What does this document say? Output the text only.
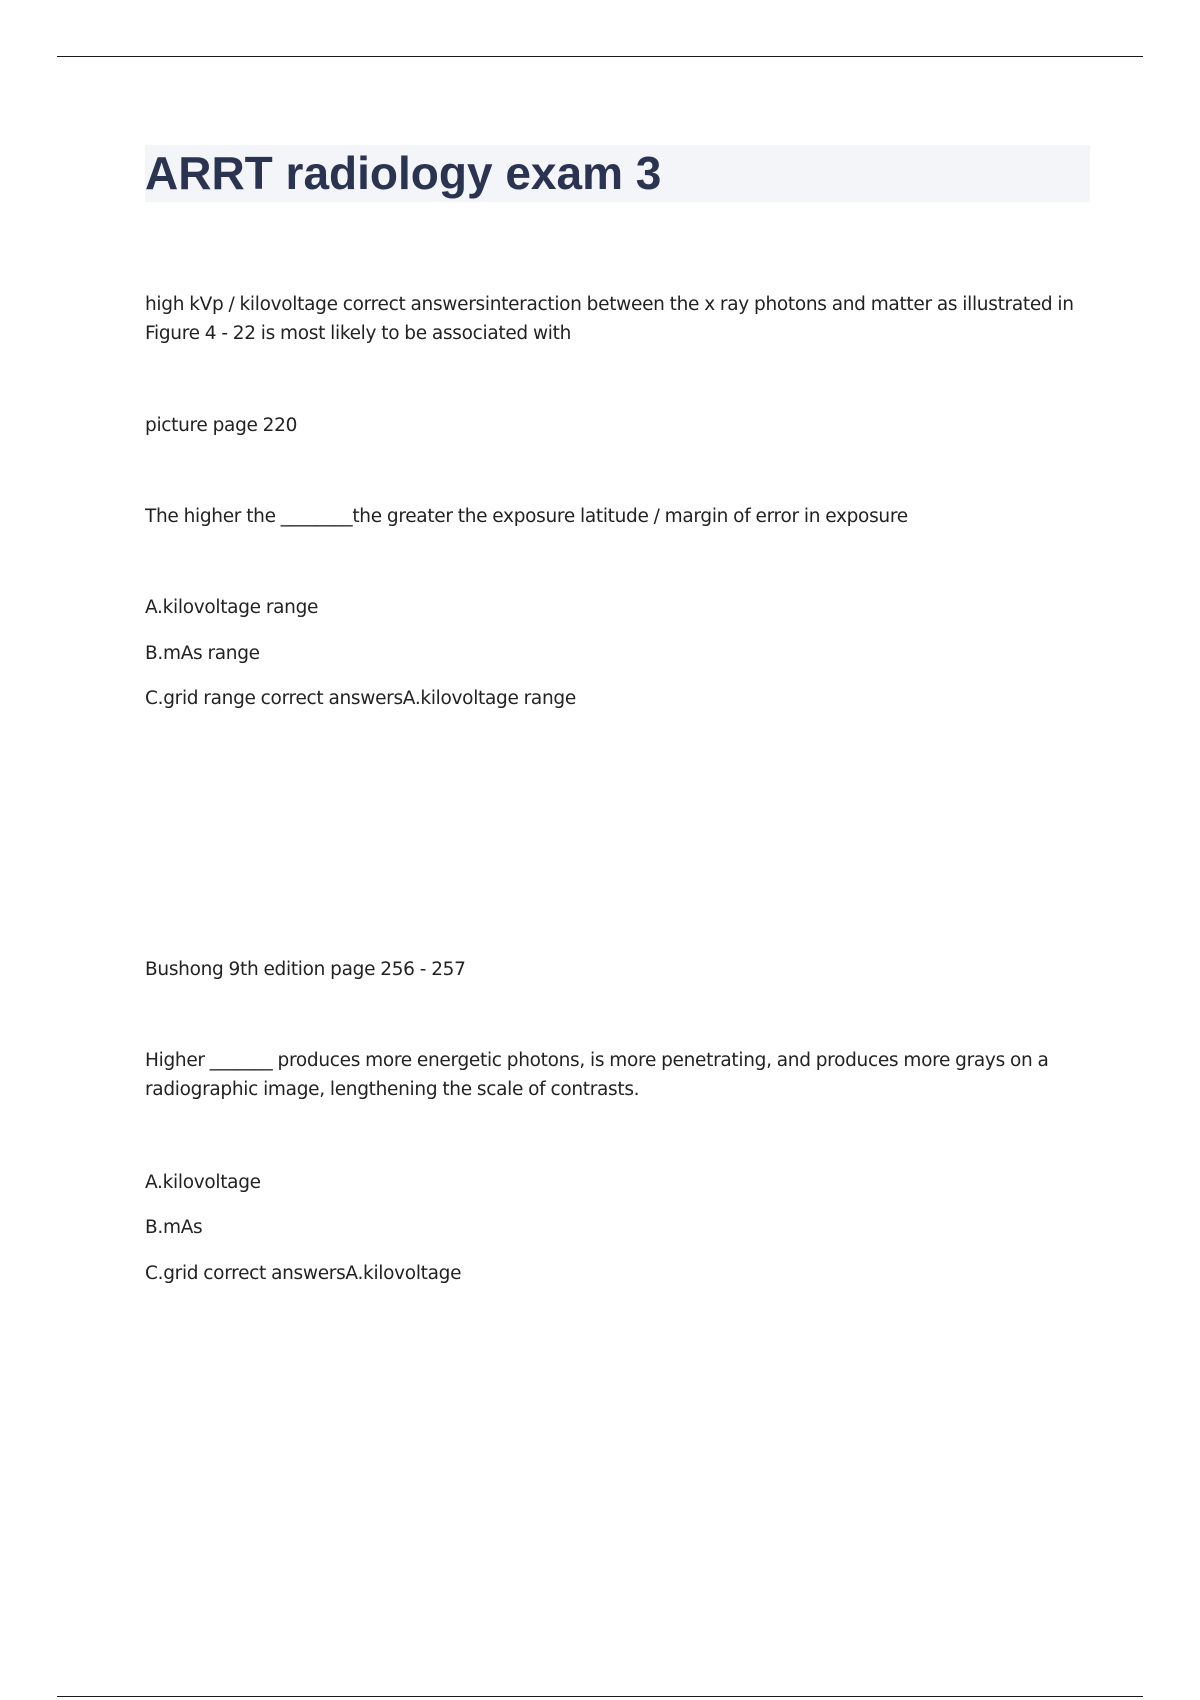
ARRT radiology exam 3

high kVp / kilovoltage correct answersinteraction between the x ray photons and matter as illustrated in Figure 4 - 22 is most likely to be associated with

picture page 220

The higher the ________the greater the exposure latitude / margin of error in exposure

A.kilovoltage range

B.mAs range

C.grid range correct answersA.kilovoltage range

Bushong 9th edition page 256 - 257

Higher _______ produces more energetic photons, is more penetrating, and produces more grays on a radiographic image, lengthening the scale of contrasts.

A.kilovoltage

B.mAs

C.grid correct answersA.kilovoltage
